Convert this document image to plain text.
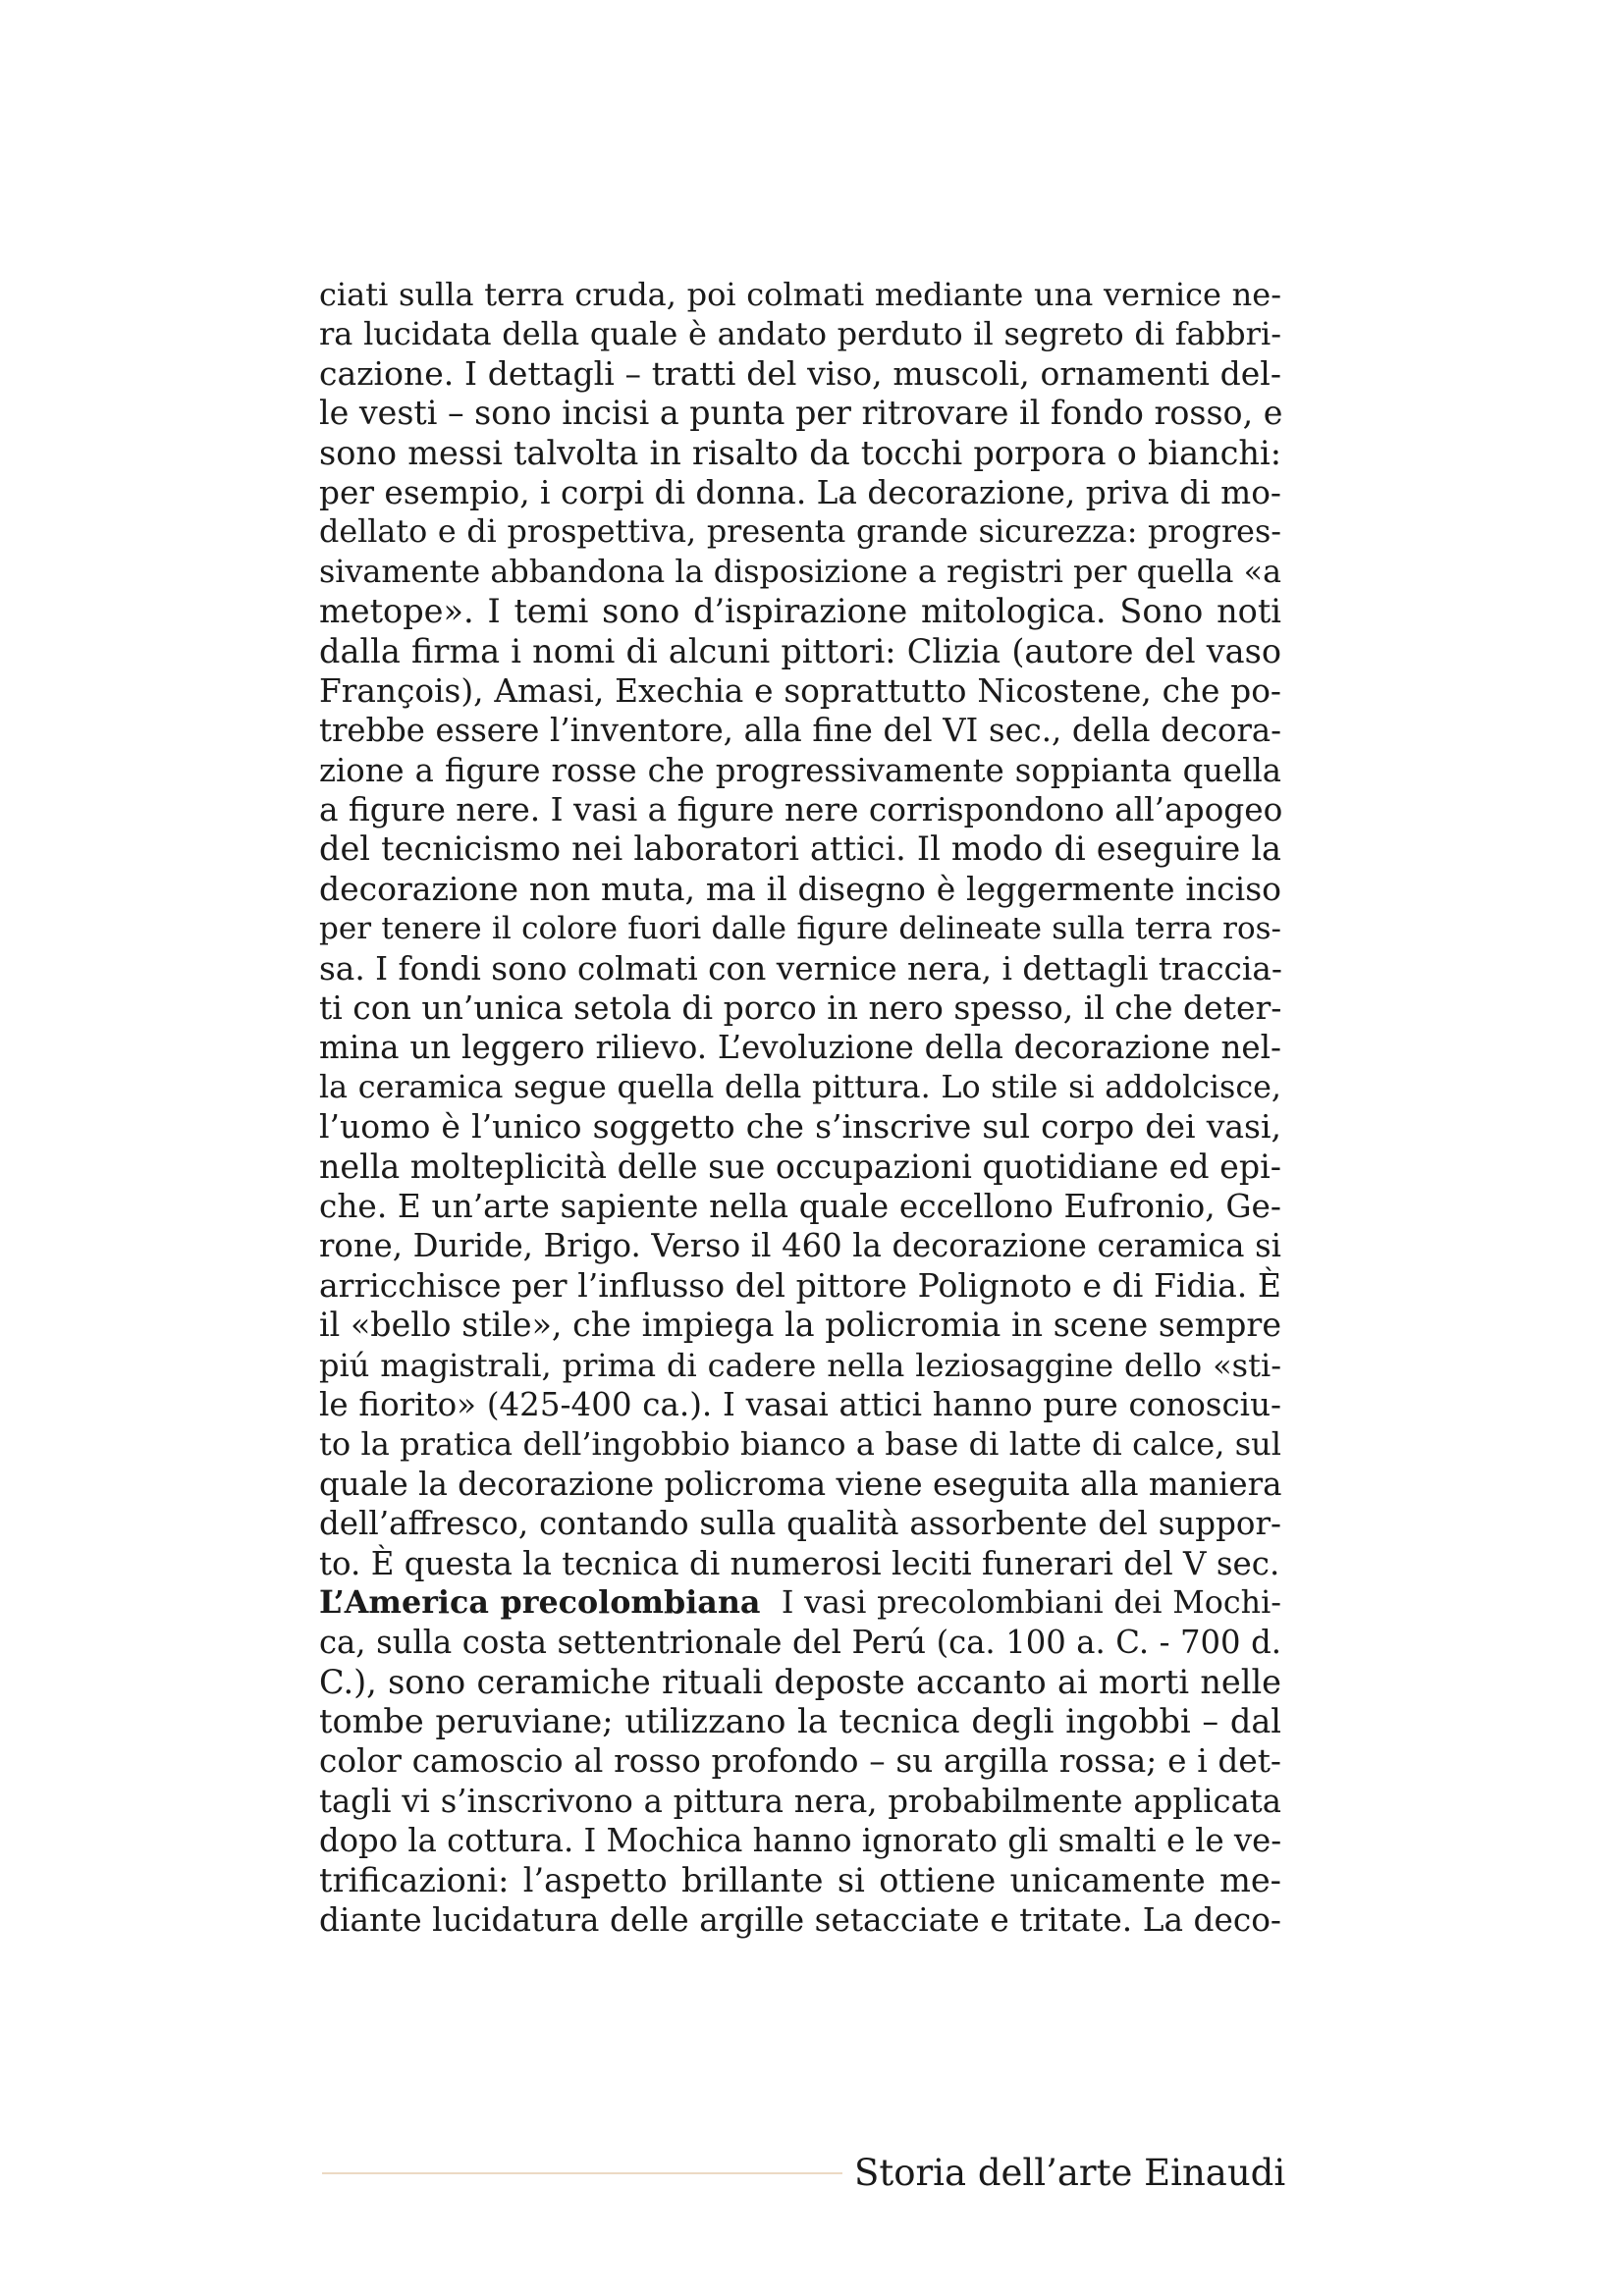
ciati sulla terra cruda, poi colmati mediante una vernice ne-
ra lucidata della quale è andato perduto il segreto di fabbri-
cazione. I dettagli – tratti del viso, muscoli, ornamenti del-
le vesti – sono incisi a punta per ritrovare il fondo rosso, e
sono messi talvolta in risalto da tocchi porpora o bianchi:
per esempio, i corpi di donna. La decorazione, priva di mo-
dellato e di prospettiva, presenta grande sicurezza: progres-
sivamente abbandona la disposizione a registri per quella «a
metope». I temi sono d’ispirazione mitologica. Sono noti
dalla firma i nomi di alcuni pittori: Clizia (autore del vaso
François), Amasi, Exechia e soprattutto Nicostene, che po-
trebbe essere l’inventore, alla fine del VI sec., della decora-
zione a figure rosse che progressivamente soppianta quella
a figure nere. I vasi a figure nere corrispondono all’apogeo
del tecnicismo nei laboratori attici. Il modo di eseguire la
decorazione non muta, ma il disegno è leggermente inciso
per tenere il colore fuori dalle figure delineate sulla terra ros-
sa. I fondi sono colmati con vernice nera, i dettagli tracciа-
ti con un’unica setola di porco in nero spesso, il che deter-
mina un leggero rilievo. L’evoluzione della decorazione nel-
la ceramica segue quella della pittura. Lo stile si addolcisce,
l’uomo è l’unico soggetto che s’inscrive sul corpo dei vasi,
nella molteplicità delle sue occupazioni quotidiane ed epi-
che. E un’arte sapiente nella quale eccellono Eufronio, Ge-
rone, Duride, Brigo. Verso il 460 la decorazione ceramica si
arricchisce per l’influsso del pittore Polignoto e di Fidia. È
il «bello stile», che impiega la policromia in scene sempre
piú magistrali, prima di cadere nella leziosaggine dello «sti-
le fiorito» (425-400 ca.). I vasai attici hanno pure conosciu-
to la pratica dell’ingobbio bianco a base di latte di calce, sul
quale la decorazione policroma viene eseguita alla maniera
dell’affresco, contando sulla qualità assorbente del suppor-
to. È questa la tecnica di numerosi leciti funerari del V sec.
L’America precolombiana I vasi precolombiani dei Mochi-
ca, sulla costa settentrionale del Perú (ca. 100 a. C. - 700 d.
C.), sono ceramiche rituali deposte accanto ai morti nelle
tombe peruviane; utilizzano la tecnica degli ingobbi – dal
color camoscio al rosso profondo – su argilla rossa; e i det-
tagli vi s’inscrivono a pittura nera, probabilmente applicata
dopo la cottura. I Mochica hanno ignorato gli smalti e le ve-
trificazioni: l’aspetto brillante si ottiene unicamente me-
diante lucidatura delle argille setacciate e tritate. La deco-
Storia dell’arte Einaudi
